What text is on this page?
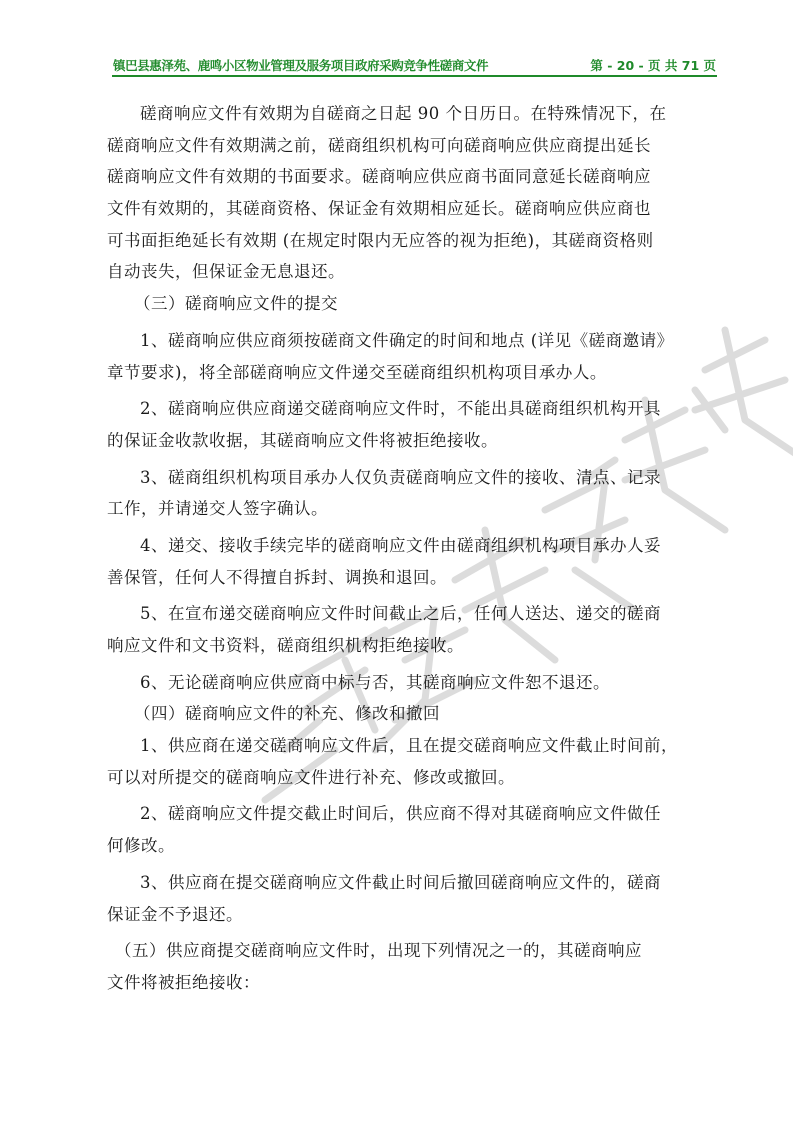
镇巴县惠泽苑、鹿鸣小区物业管理及服务项目政府采购竞争性磋商文件	第 - 20 - 页 共 71 页
磋商响应文件有效期为自磋商之日起 90 个日历日。在特殊情况下，在
磋商响应文件有效期满之前，磋商组织机构可向磋商响应供应商提出延长
磋商响应文件有效期的书面要求。磋商响应供应商书面同意延长磋商响应
文件有效期的，其磋商资格、保证金有效期相应延长。磋商响应供应商也
可书面拒绝延长有效期 (在规定时限内无应答的视为拒绝)，其磋商资格则
自动丧失，但保证金无息退还。
（三）磋商响应文件的提交
1、磋商响应供应商须按磋商文件确定的时间和地点 (详见《磋商邀请》
章节要求)，将全部磋商响应文件递交至磋商组织机构项目承办人。
2、磋商响应供应商递交磋商响应文件时，不能出具磋商组织机构开具
的保证金收款收据，其磋商响应文件将被拒绝接收。
3、磋商组织机构项目承办人仅负责磋商响应文件的接收、清点、记录
工作，并请递交人签字确认。
4、递交、接收手续完毕的磋商响应文件由磋商组织机构项目承办人妥
善保管，任何人不得擅自拆封、调换和退回。
5、在宣布递交磋商响应文件时间截止之后，任何人送达、递交的磋商
响应文件和文书资料，磋商组织机构拒绝接收。
6、无论磋商响应供应商中标与否，其磋商响应文件恕不退还。
（四）磋商响应文件的补充、修改和撤回
1、供应商在递交磋商响应文件后，且在提交磋商响应文件截止时间前，
可以对所提交的磋商响应文件进行补充、修改或撤回。
2、磋商响应文件提交截止时间后，供应商不得对其磋商响应文件做任
何修改。
3、供应商在提交磋商响应文件截止时间后撤回磋商响应文件的，磋商
保证金不予退还。
（五）供应商提交磋商响应文件时，出现下列情况之一的，其磋商响应
文件将被拒绝接收：
